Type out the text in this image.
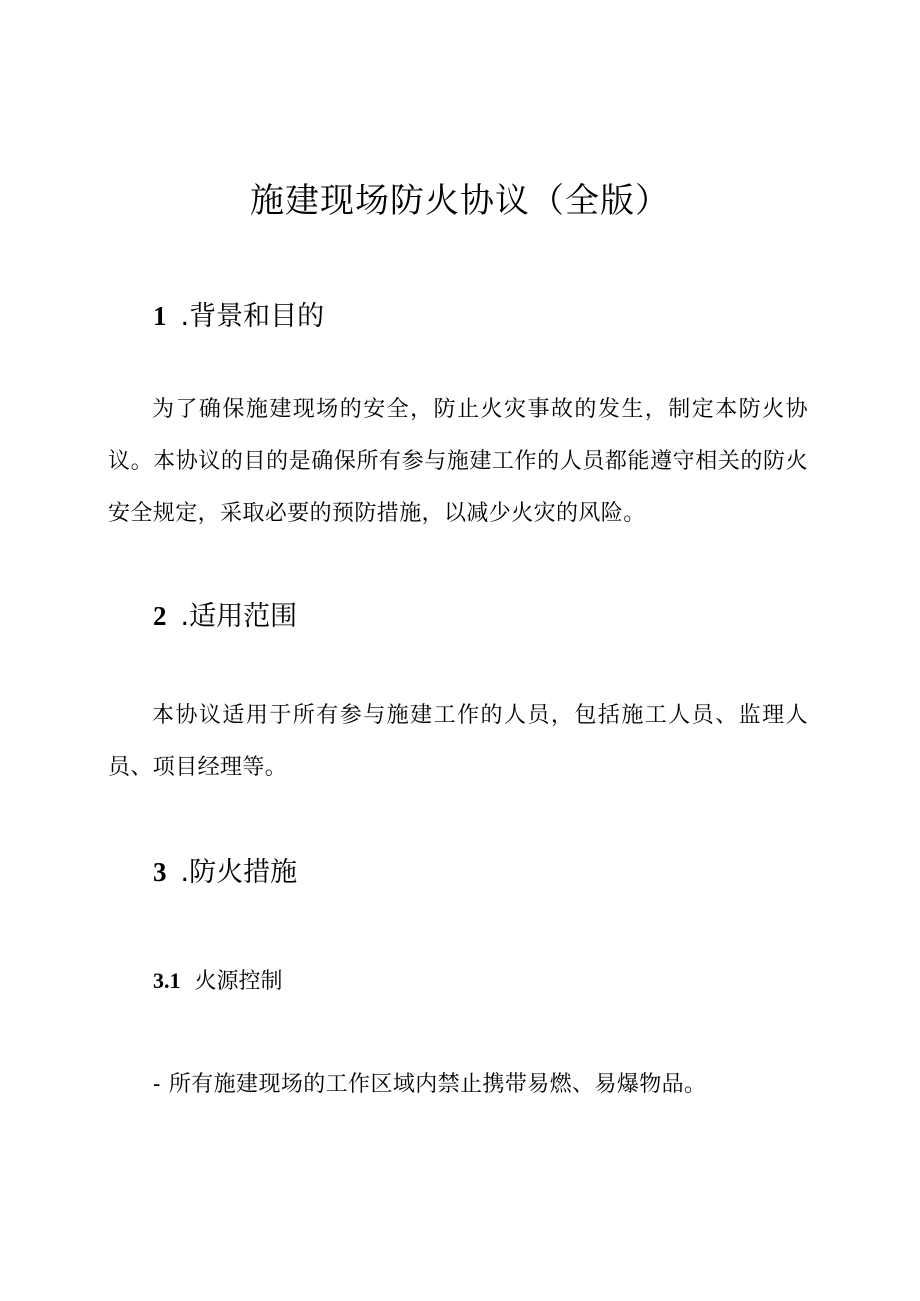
施建现场防火协议（全版）
1 .背景和目的

为了确保施建现场的安全，防止火灾事故的发生，制定本防火协议。本协议的目的是确保所有参与施建工作的人员都能遵守相关的防火安全规定，采取必要的预防措施，以减少火灾的风险。

2 .适用范围

本协议适用于所有参与施建工作的人员，包括施工人员、监理人员、项目经理等。

3 .防火措施
3.1 火源控制

- 所有施建现场的工作区域内禁止携带易燃、易爆物品。
